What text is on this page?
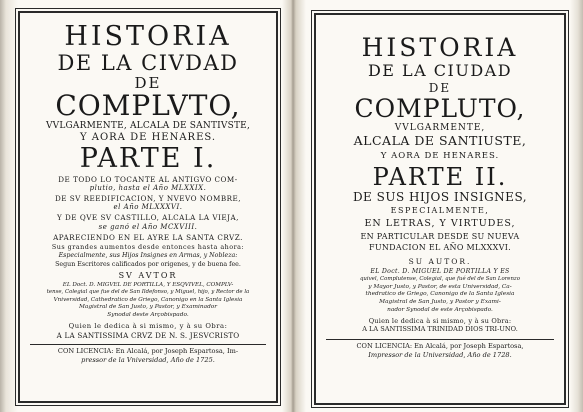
HISTORIA
DE LA CIVDAD
DE
COMPLVTO,
VVLGARMENTE, ALCALA DE SANTIVSTE,
Y AORA DE HENARES.
PARTE I.
DE TODO LO TOCANTE AL ANTIGVO COM-
plutio, hasta el Año MLXXIX.
DE SV REEDIFICACION, Y NVEVO NOMBRE,
el Año MLXXXVI.
Y DE QVE SV CASTILLO, ALCALA LA VIEJA,
se ganó el Año MCXVIII.
APARECIENDO EN EL AYRE LA SANTA CRVZ.
Sus grandes aumentos desde entonces hasta ahora:
Especialmente, sus Hijos Insignes en Armas, y Nobleza:
Segun Escritores calificados por origenes, y de buena fee.
SV AVTOR
EL Doct. D. MIGVEL DE PORTILLA, Y ESQVIVEL, COMPLV-
tense, Colegial que fue del de San Ildefonso, y Miguel, hijo, y Rector de la
Vniversidad, Cathedratico de Griego, Canonigo en la Santa Iglesia
Magistral de San Justo, y Pastor, y Examinador
Synodal deste Arçobispado.
Quien le dedica à si mismo, y à su Obra:
A LA SANTISSIMA CRVZ DE N. S. JESVCRISTO
CON LICENCIA: En Alcalá, por Joseph Espartosa, Im-
pressor de la Vniversidad, Año de 1725.
HISTORIA
DE LA CIUDAD
DE
COMPLUTO,
VVLGARMENTE,
ALCALA DE SANTIUSTE,
Y AORA DE HENARES.
PARTE II.
DE SUS HIJOS INSIGNES,
ESPECIALMENTE,
EN LETRAS, Y VIRTUDES,
EN PARTICULAR DESDE SU NUEVA
FUNDACION EL AÑO MLXXXVI.
SU AUTOR.
EL Doct. D. MIGUEL DE PORTILLA Y ES
quivel, Complutense, Colegial, que fué del de San Lorenzo
y Mayor Justo, y Pastor, de esta Universidad, Ca-
thedratico de Griego, Canonigo de la Santa Iglesia
Magistral de San Justo, y Pastor y Exami-
nador Synodal de este Arçobispado.
Quien le dedica à si mismo, y à su Obra:
A LA SANTISSIMA TRINIDAD DIOS TRI-UNO.
CON LICENCIA: En Alcalá, por Joseph Espartosa,
Impressor de la Universidad, Año de 1728.
